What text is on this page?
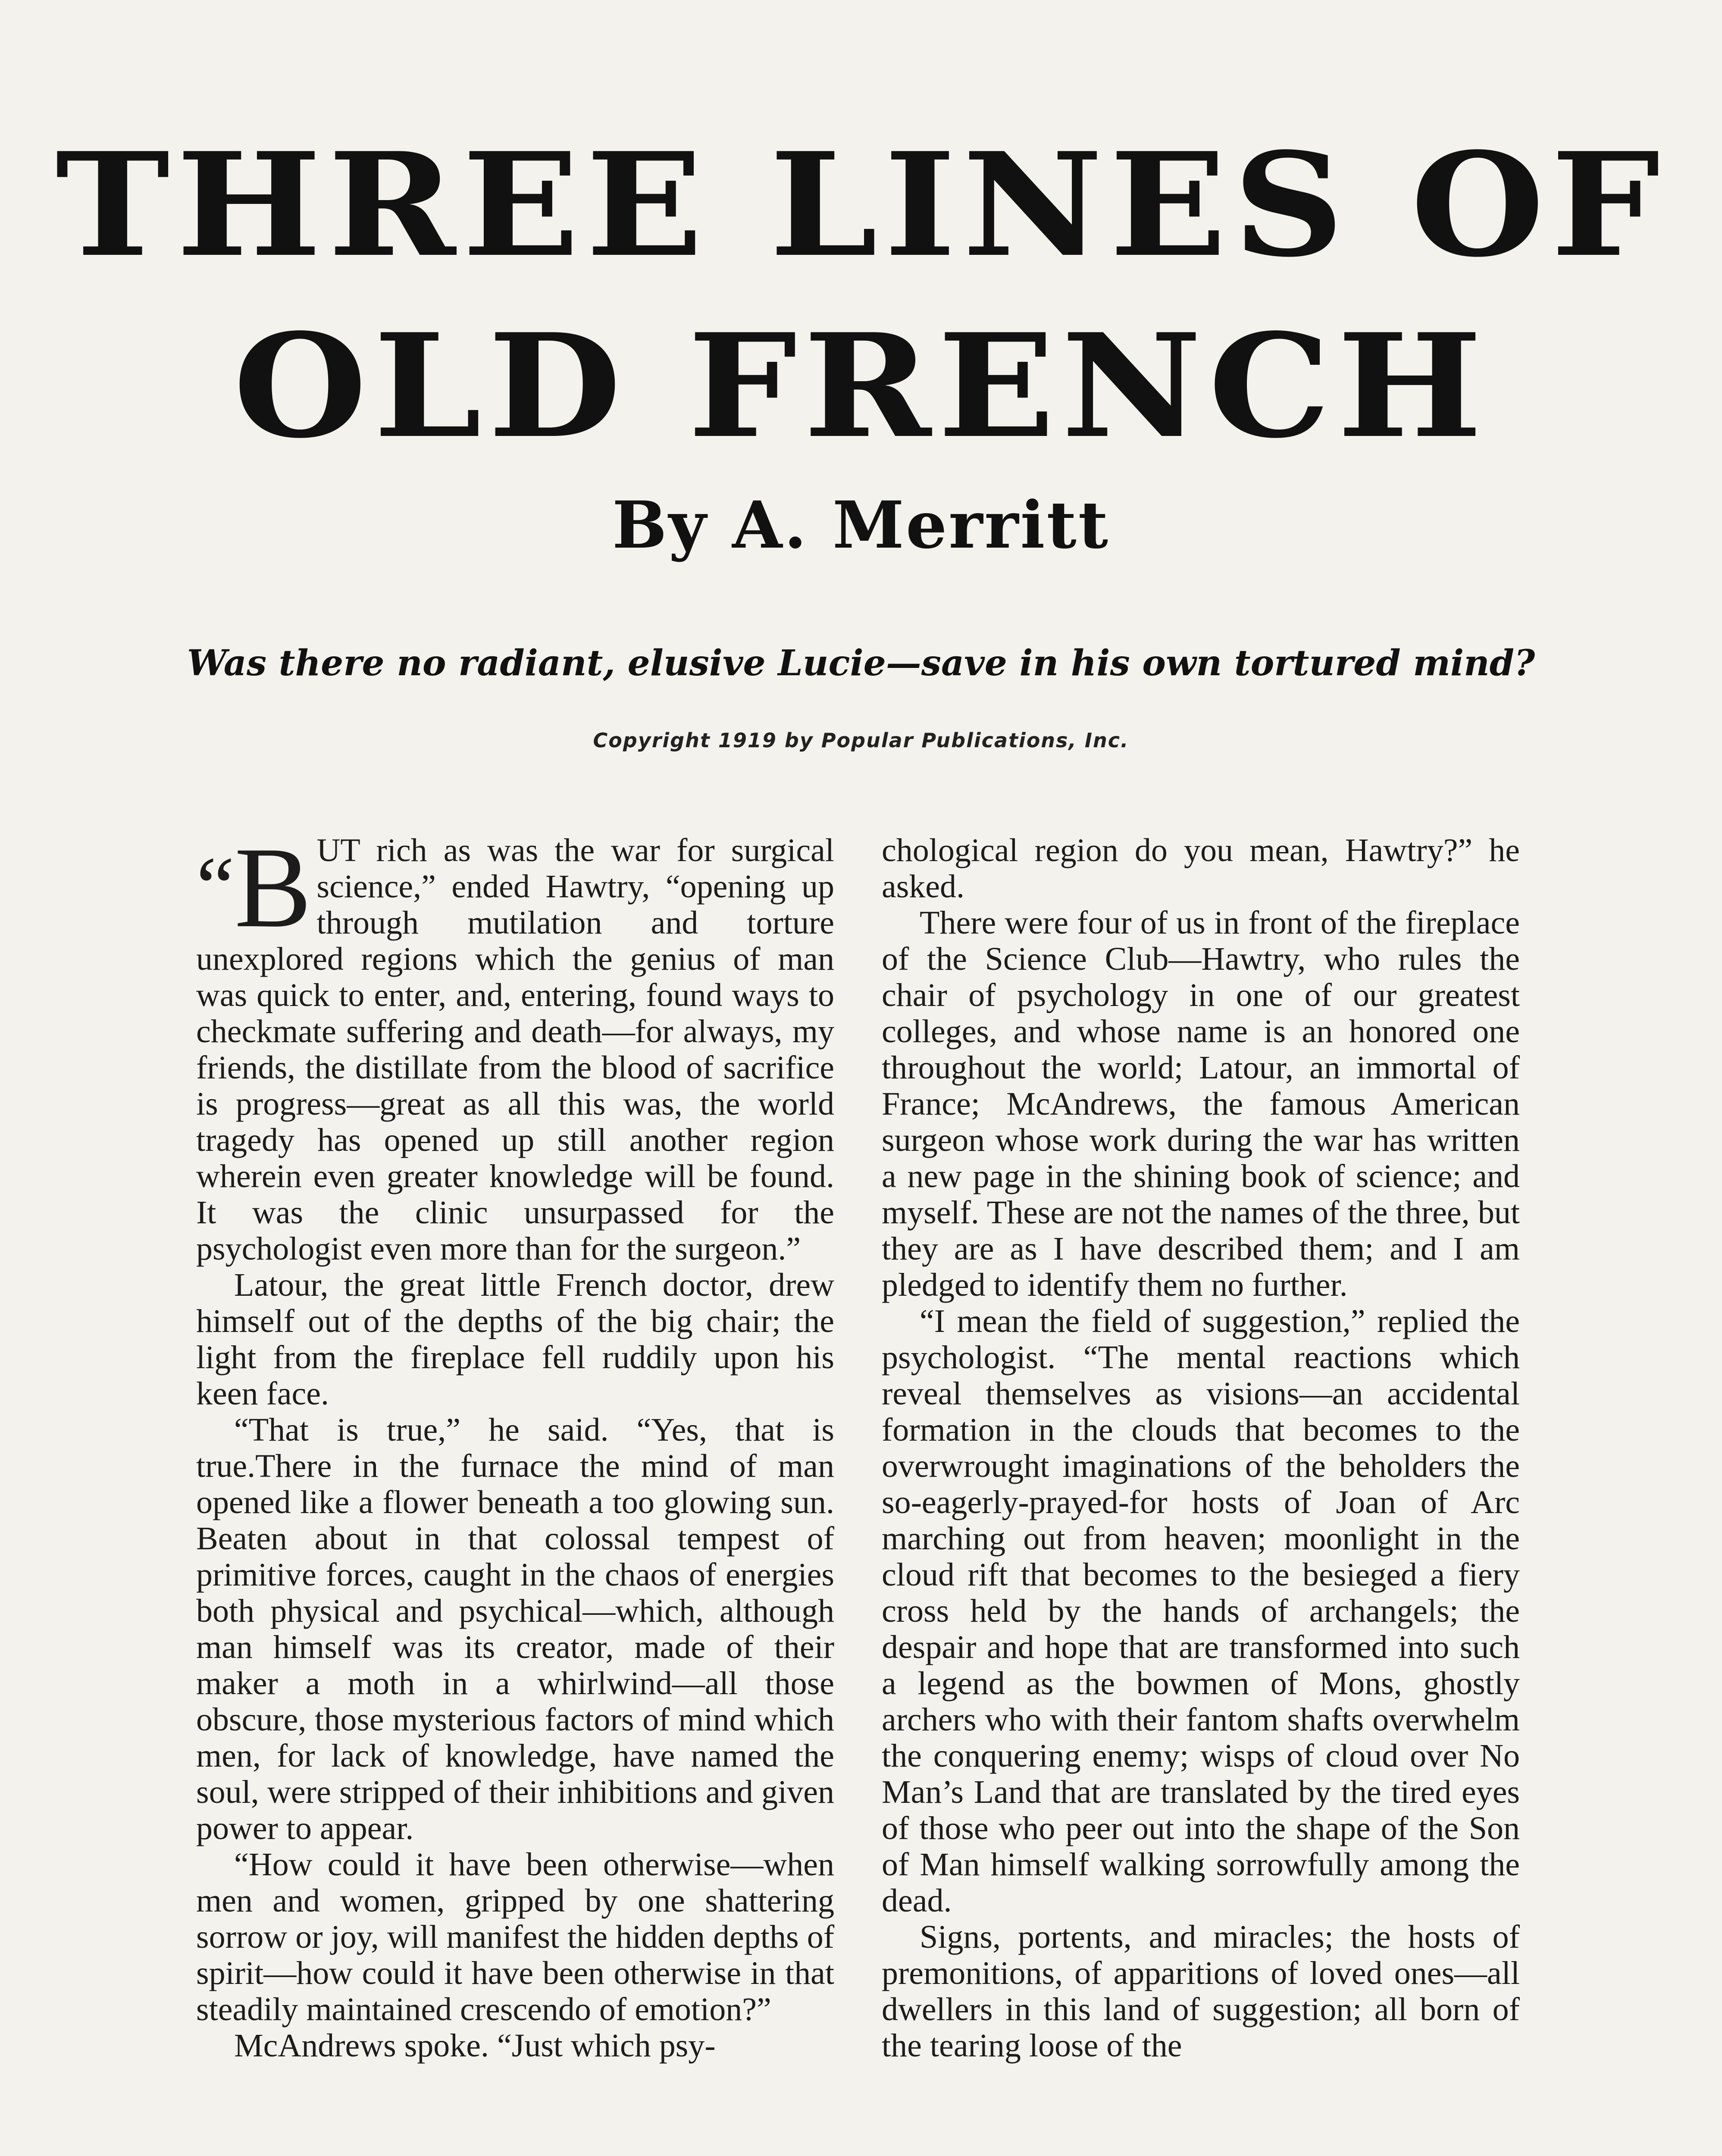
THREE LINES OF
OLD FRENCH
By A. Merritt
Was there no radiant, elusive Lucie—save in his own tortured mind?
Copyright 1919 by Popular Publications, Inc.

“B UT rich as was the war for surgical science,” ended Hawtry, “opening up through mutilation and torture unexplored regions which the genius of man was quick to enter, and, entering, found ways to checkmate suffering and death—for always, my friends, the distillate from the blood of sacrifice is progress—great as all this was, the world tragedy has opened up still another region wherein even greater knowledge will be found. It was the clinic unsurpassed for the psychologist even more than for the surgeon.”

Latour, the great little French doctor, drew himself out of the depths of the big chair; the light from the fireplace fell ruddily upon his keen face.

“That is true,” he said. “Yes, that is true.There in the furnace the mind of man opened like a flower beneath a too glowing sun. Beaten about in that colossal tempest of primitive forces, caught in the chaos of energies both physical and psychical—which, although man himself was its creator, made of their maker a moth in a whirlwind—all those obscure, those mysterious factors of mind which men, for lack of knowledge, have named the soul, were stripped of their inhibitions and given power to appear.

“How could it have been otherwise—when men and women, gripped by one shattering sorrow or joy, will manifest the hidden depths of spirit—how could it have been otherwise in that steadily maintained crescendo of emotion?”

McAndrews spoke. “Just which psy-

chological region do you mean, Hawtry?” he asked.

There were four of us in front of the fireplace of the Science Club—Hawtry, who rules the chair of psychology in one of our greatest colleges, and whose name is an honored one throughout the world; Latour, an immortal of France; McAndrews, the famous American surgeon whose work during the war has written a new page in the shining book of science; and myself. These are not the names of the three, but they are as I have described them; and I am pledged to identify them no further.

“I mean the field of suggestion,” replied the psychologist. “The mental reactions which reveal themselves as visions—an accidental formation in the clouds that becomes to the overwrought imaginations of the beholders the so-eagerly-prayed-for hosts of Joan of Arc marching out from heaven; moonlight in the cloud rift that becomes to the besieged a fiery cross held by the hands of archangels; the despair and hope that are transformed into such a legend as the bowmen of Mons, ghostly archers who with their fantom shafts overwhelm the conquering enemy; wisps of cloud over No Man’s Land that are translated by the tired eyes of those who peer out into the shape of the Son of Man himself walking sorrowfully among the dead.

Signs, portents, and miracles; the hosts of premonitions, of apparitions of loved ones—all dwellers in this land of suggestion; all born of the tearing loose of the
